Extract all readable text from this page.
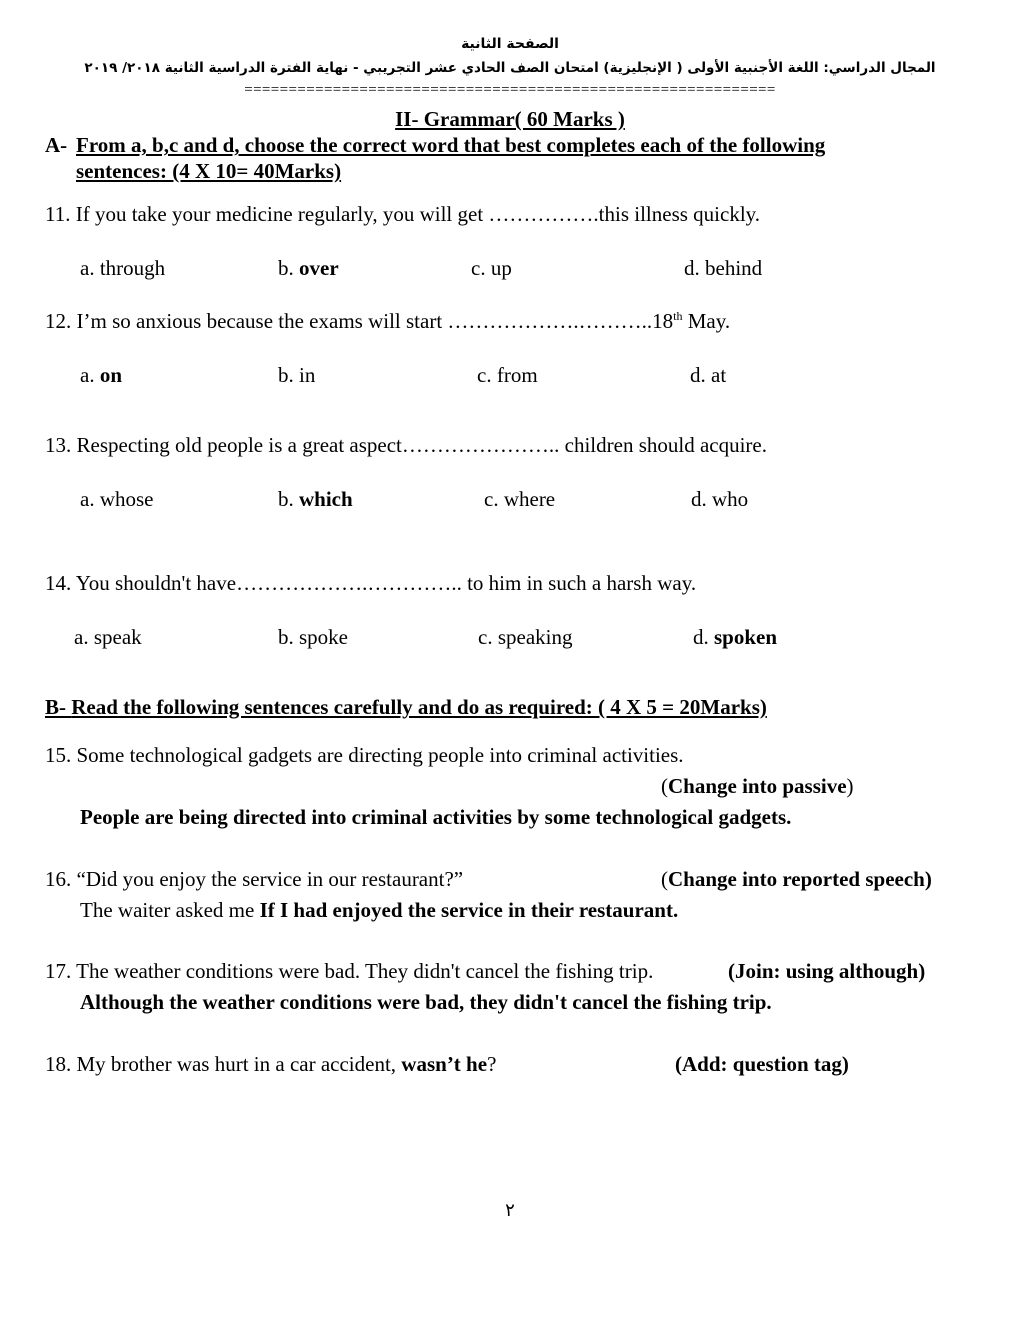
الصفحة الثانية
المجال الدراسي: اللغة الأجنبية الأولى ( الإنجليزية) امتحان الصف الحادي عشر التجريبي - نهاية الفترة الدراسية الثانية ٢٠١٨/ ٢٠١٩
============================================================
II- Grammar( 60 Marks )
A- From a, b,c and d, choose the correct word that best completes each of the following
sentences: (4 X 10= 40Marks)
11. If you take your medicine regularly, you will get …………….this illness quickly.
a. through	b. over	c. up	d. behind
12. I’m so anxious because the exams will start ……………….………..18th May.
a. on	b. in	c. from	d. at
13. Respecting old people is a great aspect………………….. children should acquire.
a. whose	b. which	c. where	d. who
14. You shouldn't have……………….………….. to him in such a harsh way.
a. speak	b. spoke	c. speaking	d. spoken
B- Read the following sentences carefully and do as required: ( 4 X 5 = 20Marks)
15. Some technological gadgets are directing people into criminal activities.
(Change into passive)
People are being directed into criminal activities by some technological gadgets.
16. “Did you enjoy the service in our restaurant?”	(Change into reported speech)
The waiter asked me If I had enjoyed the service in their restaurant.
17. The weather conditions were bad. They didn't cancel the fishing trip.	(Join: using although)
Although the weather conditions were bad, they didn't cancel the fishing trip.
18. My brother was hurt in a car accident, wasn’t he?	(Add: question tag)
٢
